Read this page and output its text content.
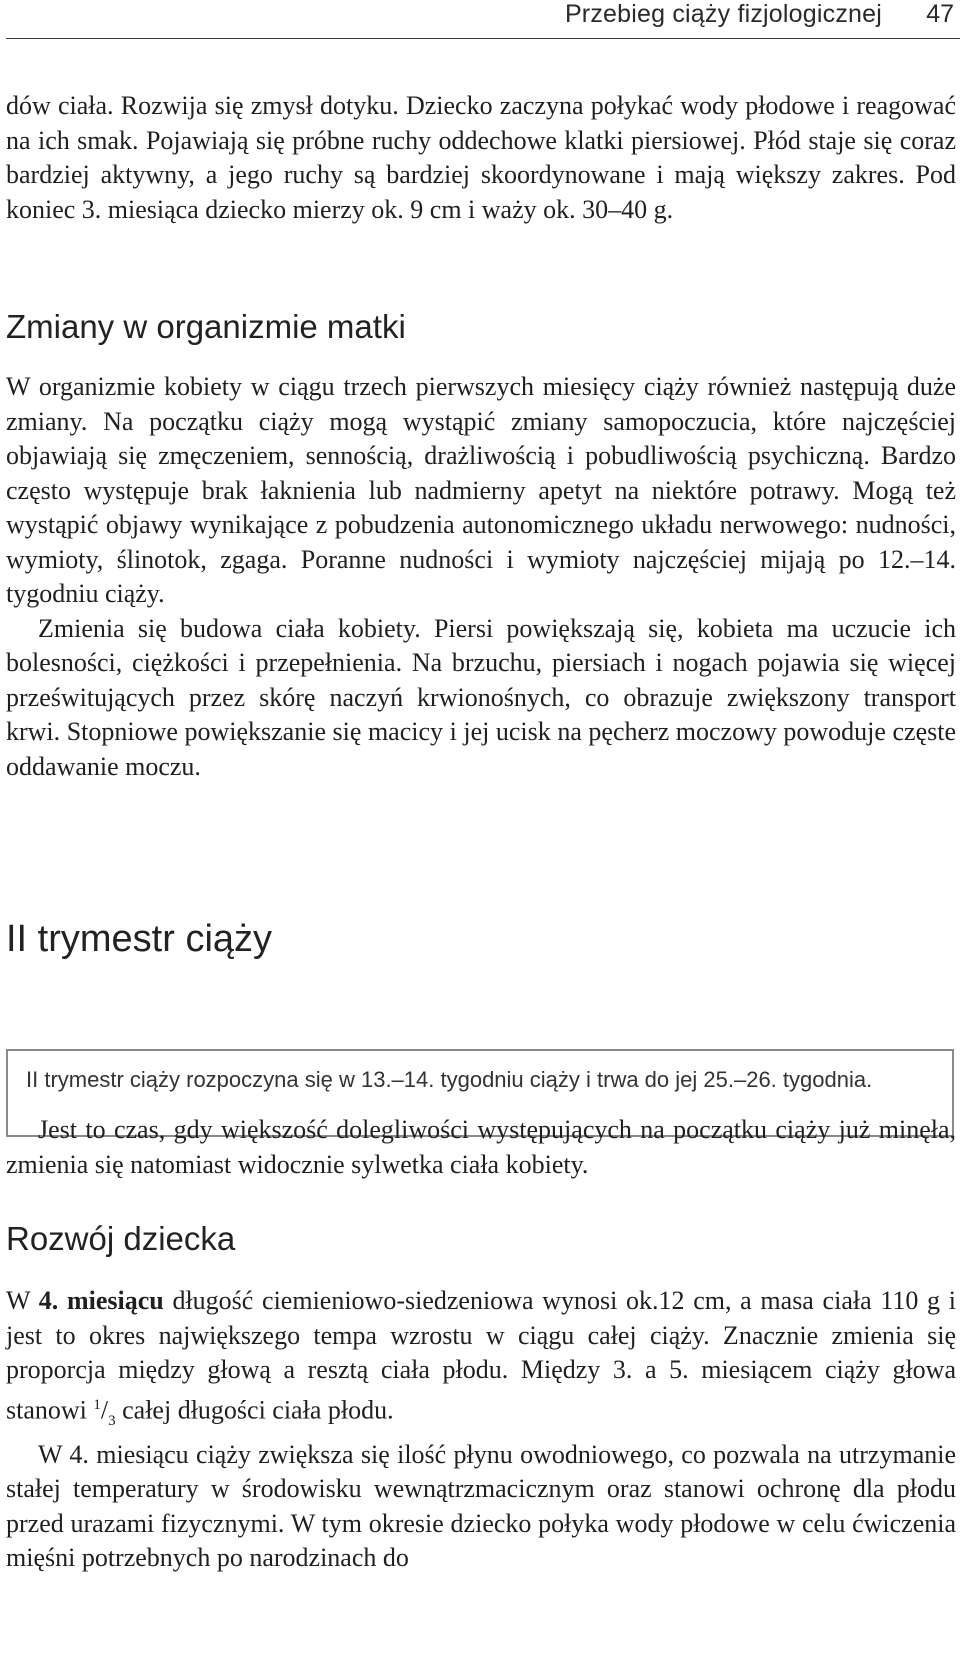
Przebieg ciąży fizjologicznej 47

dów ciała. Rozwija się zmysł dotyku. Dziecko zaczyna połykać wody płodowe i reagować na ich smak. Pojawiają się próbne ruchy oddechowe klatki piersiowej. Płód staje się coraz bardziej aktywny, a jego ruchy są bardziej skoordynowane i mają większy zakres. Pod koniec 3. miesiąca dziecko mierzy ok. 9 cm i waży ok. 30–40 g.

Zmiany w organizmie matki

W organizmie kobiety w ciągu trzech pierwszych miesięcy ciąży również następują duże zmiany. Na początku ciąży mogą wystąpić zmiany samopoczucia, które najczęściej objawiają się zmęczeniem, sennością, drażliwością i pobudliwością psychiczną. Bardzo często występuje brak łaknienia lub nadmierny apetyt na niektóre potrawy. Mogą też wystąpić objawy wynikające z pobudzenia autonomicznego układu nerwowego: nudności, wymioty, ślinotok, zgaga. Poranne nudności i wymioty najczęściej mijają po 12.–14. tygodniu ciąży.

Zmienia się budowa ciała kobiety. Piersi powiększają się, kobieta ma uczucie ich bolesności, ciężkości i przepełnienia. Na brzuchu, piersiach i nogach pojawia się więcej prześwitujących przez skórę naczyń krwionośnych, co obrazuje zwiększony transport krwi. Stopniowe powiększanie się macicy i jej ucisk na pęcherz moczowy powoduje częste oddawanie moczu.

II trymestr ciąży
II trymestr ciąży rozpoczyna się w 13.–14. tygodniu ciąży i trwa do jej 25.–26. tygodnia.

Jest to czas, gdy większość dolegliwości występujących na początku ciąży już minęła, zmienia się natomiast widocznie sylwetka ciała kobiety.

Rozwój dziecka

W 4. miesiącu długość ciemieniowo-siedzeniowa wynosi ok.12 cm, a masa ciała 110 g i jest to okres największego tempa wzrostu w ciągu całej ciąży. Znacznie zmienia się proporcja między głową a resztą ciała płodu. Między 3. a 5. miesiącem ciąży głowa stanowi $^1/_3$ całej długości ciała płodu.

W 4. miesiącu ciąży zwiększa się ilość płynu owodniowego, co pozwala na utrzymanie stałej temperatury w środowisku wewnątrzmacicznym oraz stanowi ochronę dla płodu przed urazami fizycznymi. W tym okresie dziecko połyka wody płodowe w celu ćwiczenia mięśni potrzebnych po narodzinach do
